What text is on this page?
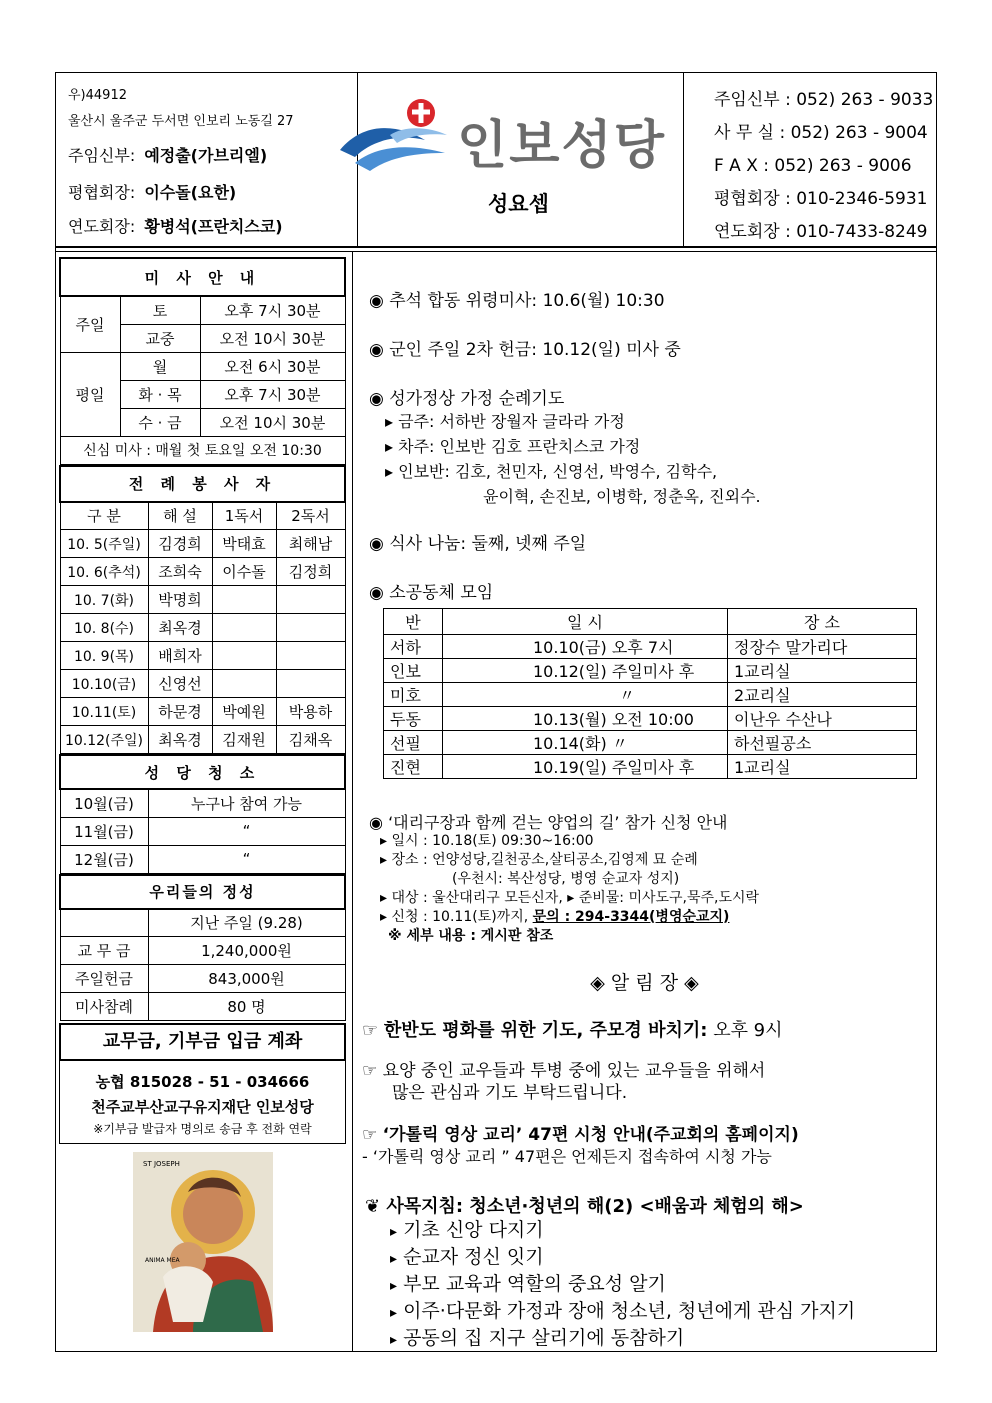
우)44912
울산시 울주군 두서면 인보리 노동길 27
주임신부: 예정출(가브리엘)
평협회장: 이수돌(요한)
연도회장: 황병석(프란치스코)
인보성당
성요셉
주임신부 : 052) 263 - 9033
사 무 실 : 052) 263 - 9004
F A X : 052) 263 - 9006
평협회장 : 010-2346-5931
연도회장 : 010-7433-8249
미 사 안 내		
주일	토	오후 7시 30분
	교중	오전 10시 30분
평일	월	오전 6시 30분
	화 · 목	오후 7시 30분
	수 · 금	오전 10시 30분
신심 미사 : 매월 첫 토요일 오전 10:30		
전 례 봉 사 자			
구 분	해 설	1독서	2독서
10. 5(주일)	김경희	박태효	최해남
10. 6(추석)	조희숙	이수돌	김정희
10. 7(화)	박명희		
10. 8(수)	최옥경		
10. 9(목)	배희자		
10.10(금)	신영선		
10.11(토)	하문경	박예원	박용하
10.12(주일)	최옥경	김재원	김채옥
성 당 청 소	
10월(금)	누구나 참여 가능
11월(금)	“
12월(금)	“
우리들의 정성	
	지난 주일 (9.28)
교 무 금	1,240,000원
주일헌금	843,000원
미사참례	80 명
교무금, 기부금 입금 계좌
농협 815028 - 51 - 034666
천주교부산교구유지재단 인보성당
※기부금 발급자 명의로 송금 후 전화 연락
ST JOSEPH
ANIMA MEA
◉ 추석 합동 위령미사: 10.6(월) 10:30
◉ 군인 주일 2차 헌금: 10.12(일) 미사 중
◉ 성가정상 가정 순례기도
▸ 금주: 서하반 장월자 글라라 가정
▸ 차주: 인보반 김호 프란치스코 가정
▸ 인보반: 김호, 천민자, 신영선, 박영수, 김학수,
윤이혁, 손진보, 이병학, 정춘옥, 진외수.
◉ 식사 나눔: 둘째, 넷째 주일
◉ 소공동체 모임
반	일 시	장 소
서하	10.10(금) 오후 7시	정장수 말가리다
인보	10.12(일) 주일미사 후	1교리실
미호	〃	2교리실
두동	10.13(월) 오전 10:00	이난우 수산나
선필	10.14(화) 〃	하선필공소
진현	10.19(일) 주일미사 후	1교리실
◉ ‘대리구장과 함께 걷는 양업의 길’ 참가 신청 안내
▸ 일시 : 10.18(토) 09:30~16:00
▸ 장소 : 언양성당,길천공소,살티공소,김영제 묘 순례
(우천시: 복산성당, 병영 순교자 성지)
▸ 대상 : 울산대리구 모든신자, ▸ 준비물: 미사도구,묵주,도시락
▸ 신청 : 10.11(토)까지, 문의 : 294-3344(병영순교지)
※ 세부 내용 : 게시판 참조
◈ 알 림 장 ◈
☞ 한반도 평화를 위한 기도, 주모경 바치기: 오후 9시
☞ 요양 중인 교우들과 투병 중에 있는 교우들을 위해서
많은 관심과 기도 부탁드립니다.
☞ ‘가톨릭 영상 교리’ 47편 시청 안내(주교회의 홈페이지)
- ‘가톨릭 영상 교리 ” 47편은 언제든지 접속하여 시청 가능
❦ 사목지침: 청소년·청년의 해(2) <배움과 체험의 해>
▸ 기초 신앙 다지기
▸ 순교자 정신 잇기
▸ 부모 교육과 역할의 중요성 알기
▸ 이주·다문화 가정과 장애 청소년, 청년에게 관심 가지기
▸ 공동의 집 지구 살리기에 동참하기
